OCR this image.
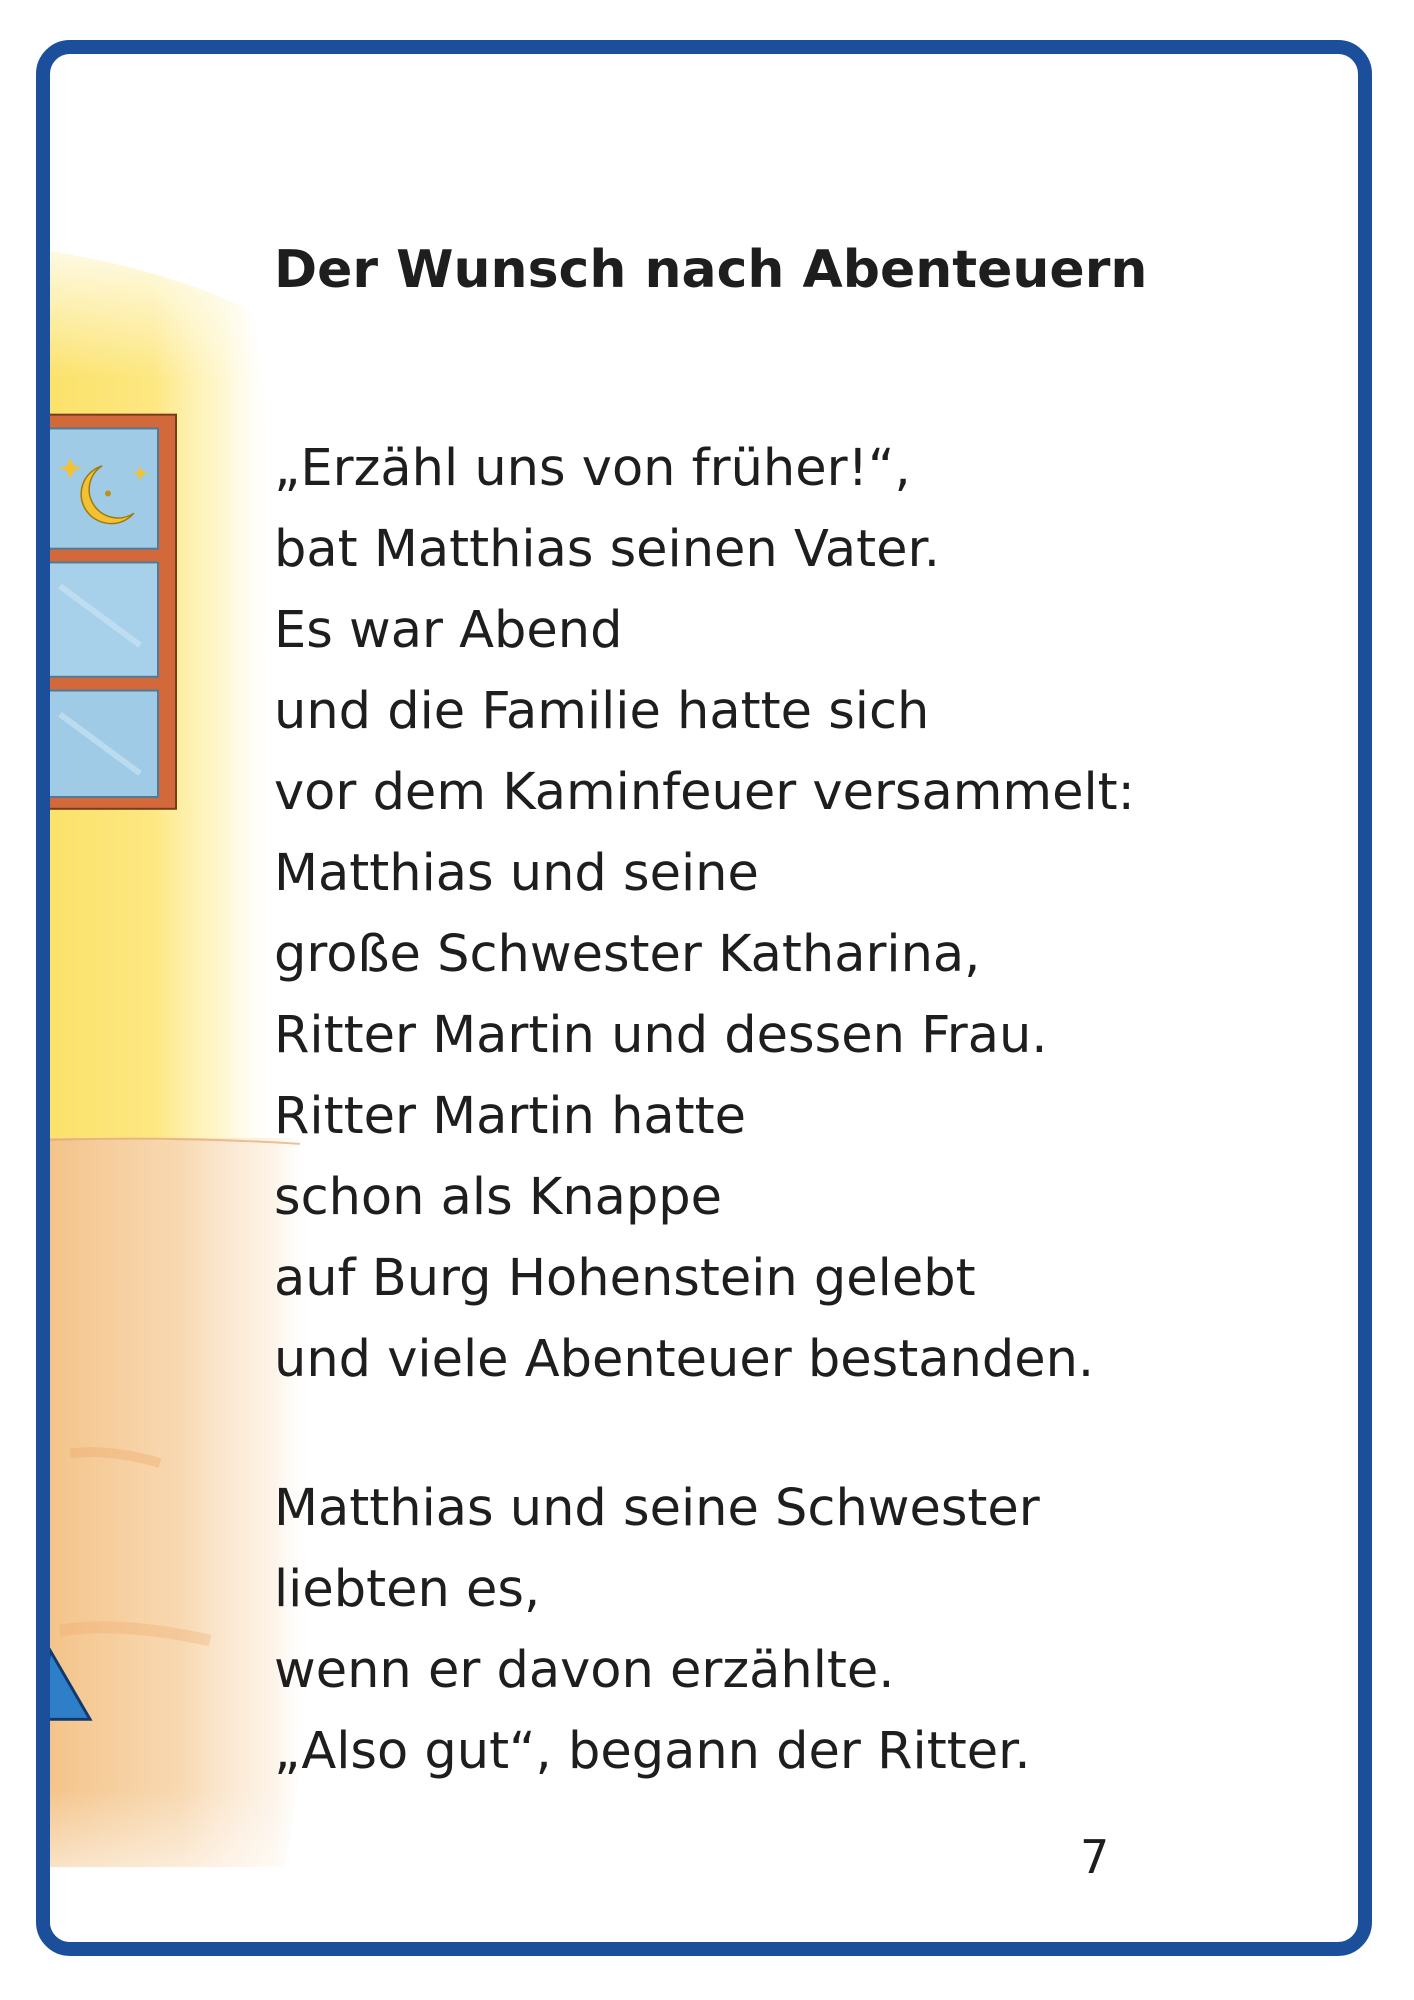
Der Wunsch nach Abenteuern
„Erzähl uns von früher!“,
bat Matthias seinen Vater.
Es war Abend
und die Familie hatte sich
vor dem Kaminfeuer versammelt:
Matthias und seine
große Schwester Katharina,
Ritter Martin und dessen Frau.
Ritter Martin hatte
schon als Knappe
auf Burg Hohenstein gelebt
und viele Abenteuer bestanden.
Matthias und seine Schwester
liebten es,
wenn er davon erzählte.
„Also gut“, begann der Ritter.
7
